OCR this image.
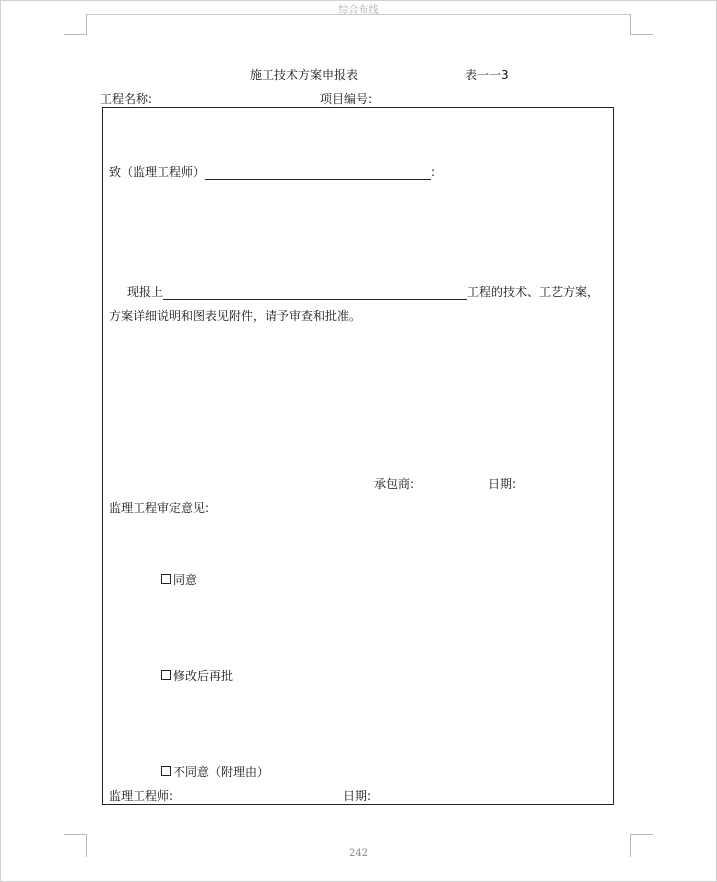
综合布线
施工技术方案申报表	表一一3
工程名称:	项目编号:
致（监理工程师）	:
现报上	工程的技术、工艺方案，
方案详细说明和图表见附件，请予审查和批准。
承包商:	日期:
监理工程审定意见:
同意
修改后再批
不同意（附理由）
监理工程师:	日期:
242
